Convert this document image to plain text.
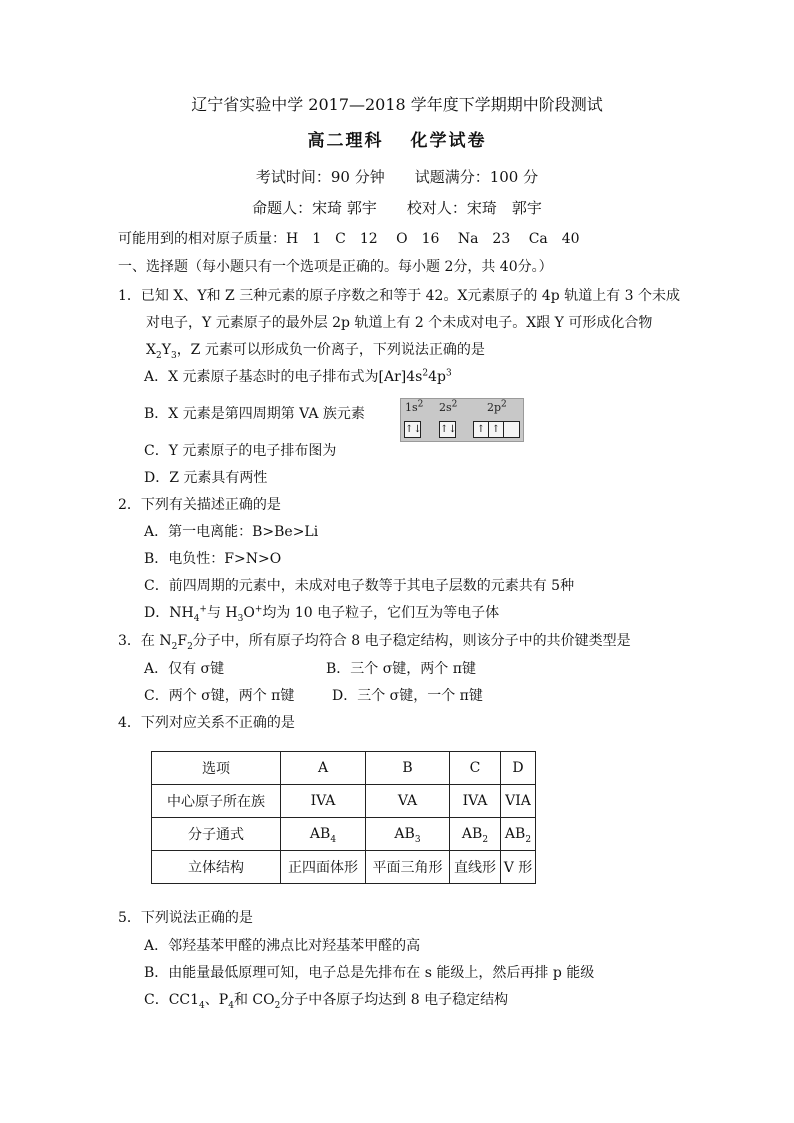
辽宁省实验中学 2017—2018 学年度下学期期中阶段测试
高二理科　 化学试卷
考试时间：90 分钟　　试题满分：100 分
命题人：宋琦 郭宇　　校对人：宋琦　郭宇
可能用到的相对原子质量：H　1　C　12　 O　16　 Na　23　 Ca　40
一、选择题（每小题只有一个选项是正确的。每小题 2分，共 40分。）
1．已知 X、Y和 Z 三种元素的原子序数之和等于 42。X元素原子的 4p 轨道上有 3 个未成
对电子，Y 元素原子的最外层 2p 轨道上有 2 个未成对电子。X跟 Y 可形成化合物
$X_2Y_3$，Z 元素可以形成负一价离子，下列说法正确的是
A．X 元素原子基态时的电子排布式为$[Ar]4s^24p^3$
B．X 元素是第四周期第 VA 族元素	$1s^2$ $2s^2$	$2p^2$
↑↓ ↑↓ ↑ ↑
C．Y 元素原子的电子排布图为
D．Z 元素具有两性
2．下列有关描述正确的是
A．第一电离能：B>Be>Li
B．电负性：F>N>O
C．前四周期的元素中，未成对电子数等于其电子层数的元素共有 5种
D．$NH_4^+$与 $H_3O^+$均为 10 电子粒子，它们互为等电子体
3．在 $N_2F_2$分子中，所有原子均符合 8 电子稳定结构，则该分子中的共价键类型是
A．仅有 σ键	B．三个 σ键，两个 π键
C．两个 σ键，两个 π键	D．三个 σ键，一个 π键
4．下列对应关系不正确的是
选项	A	B	C	D
中心原子所在族	IVA	VA	IVA	VIA
分子通式	$AB_4$	$AB_3$	$AB_2$	$AB_2$
立体结构	正四面体形	平面三角形	直线形	V 形
5．下列说法正确的是
A．邻羟基苯甲醛的沸点比对羟基苯甲醛的高
B．由能量最低原理可知，电子总是先排布在 s 能级上，然后再排 p 能级
C．$CC1_4$、$P_4$和 $CO_2$分子中各原子均达到 8 电子稳定结构
